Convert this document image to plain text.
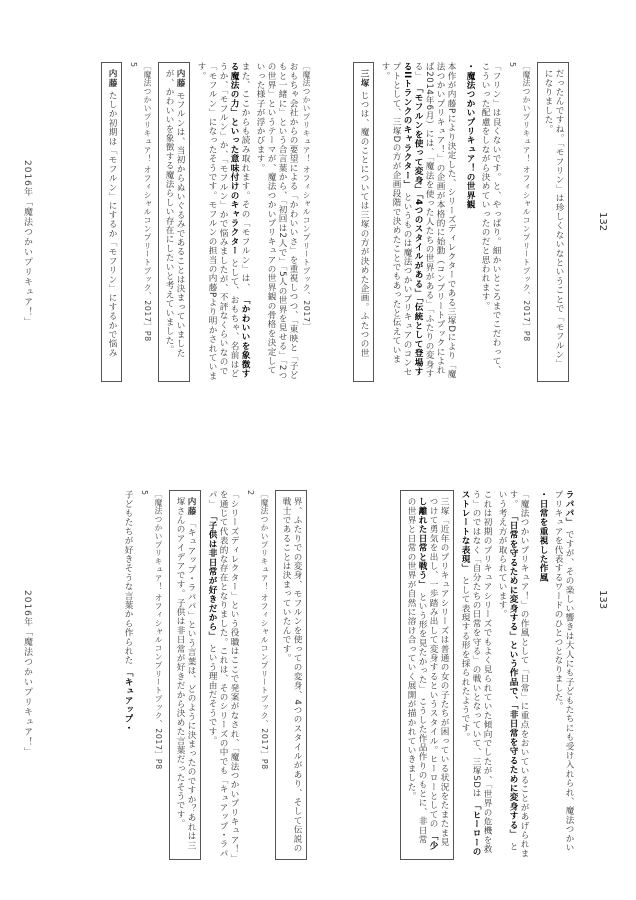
2016年「魔法つかいプリキュア！」	132

［魔法つかいプリキュア！ オフィシャルコンプリートブック、2017］

おもちゃ会社からの要望による「かわいいさ」を重視しつつ、「東映と「子どもと一緒に」という合言葉から、「初回は2人で」「5人の世界を見せる」「2つの世界」というテーマが、魔法つかいプリキュアの世界観の骨格を決定していった様子が浮かびます。

また、ここからも読み取れます。その「モフルン」は、 「かわいいを象徴する魔法の力」といった意味付けのキャラクター として、おもちゃ、名前はどうか、「モフルン」か、「モフルン」かで悩みましたが、不評なくらいなので「モフルン」になったそうです。モフルンの担当の内藤Pより明かされています。

内藤 モフルンは、当初からぬいぐるみであることは決まっていましたが、かわいいを象徴する魔法らしい存在にしたいと考えていました。

［魔法つかいプリキュア！ オフィシャルコンプリートブック、2017］P8

5

内藤 たしか初期は「モフルン」にするか「モフリン」にするかで悩み	だったんですね。「モフリン」は珍しくないなということで「モフルン」になりました。

［魔法つかいプリキュア！ オフィシャルコンプリートブック、2017］P8

5

「フリン」は良くないです。と、やっぱり。細かいところまでこだわって、こういった配慮をしながら決めていったのだと思われます。

・魔法つかいプリキュア！の世界観

本作が内藤Pにより決定した、シリーズディレクターである三塚Dにより「魔法つかいプリキュア！」の企画が本格的に始動（コンプリートブックによれば2014年6月）には、「魔法を使った人たちの世界がある」「ふたりの変身する」 「モフルンを使って変身」「4つのスタイルがある」「伝統として登場するIIトランクのキャラクター」 というものは魔法つかいプリキュアのコンセプトとして、三塚Dの方が企画段階で決めたことでもあったと伝えています。

三塚 じつは、魔のことについては三塚の方が決めた企画。ふたつの世
2016年「魔法つかいプリキュア！」	133
界、ふたりでの変身、モフルンを使っての変身、4つのスタイルがあり、そして伝説の戦士であることは決まっていたんです。

［魔法つかいプリキュア！ オフィシャルコンプリートブック、2017］P8

2

「シリーズディレクター」という役職はここで発案がなされ、「魔法つかいプリキュア！」を通じて代表的な存在となりました。これは、そのシリーズの中でも「キュアップ・ラパパ」 「子供は非日常が好きだから」 という理由だそうです。

内藤 「キュアップ・ラパパ」という言葉は、どのように決まったのですか？あれは三塚さんのアイデアです。子供は非日常が好きだから決めた言葉だったそうです。

［魔法つかいプリキュア！ オフィシャルコンプリートブック、2017］P8

5

子どもたちが好きそうな言葉から作られた 「キュアップ・

ラパパ」 ですが、その楽しい響きは大人にも子どもたちにも受け入れられ、魔法つかいプリキュアを代表するワードのひとつとなりました。

・日常を重視した作風

「魔法つかいプリキュア！」の作風として「日常」に重点をおいていることがあげられます。 「日常を守るために変身する」という作品で、「非日常を守るために変身する」 という考え方が取られています。

これは初期のプリキュアシリーズでもよく見られていた傾向でしたが、「世界の危機を救う」のではなく「自分たちの日常を守る」の戦いとなっていて、三塚SDは 「ヒーローのストレートな表現」 として表現する形を採られたようです。

三塚「近年のプリキュアシリーズは普通の女の子たちが困っている状況をたまたま見つけて勇気を出し、一歩踏み出して変身するというスタイル。ヒーローとしての 「少し離れた日常と戦う」 という形を見たかった」 こうした作品作りのもとに、非日常の世界と日常の世界が自然に溶け合っていく展開が描かれていきました。
